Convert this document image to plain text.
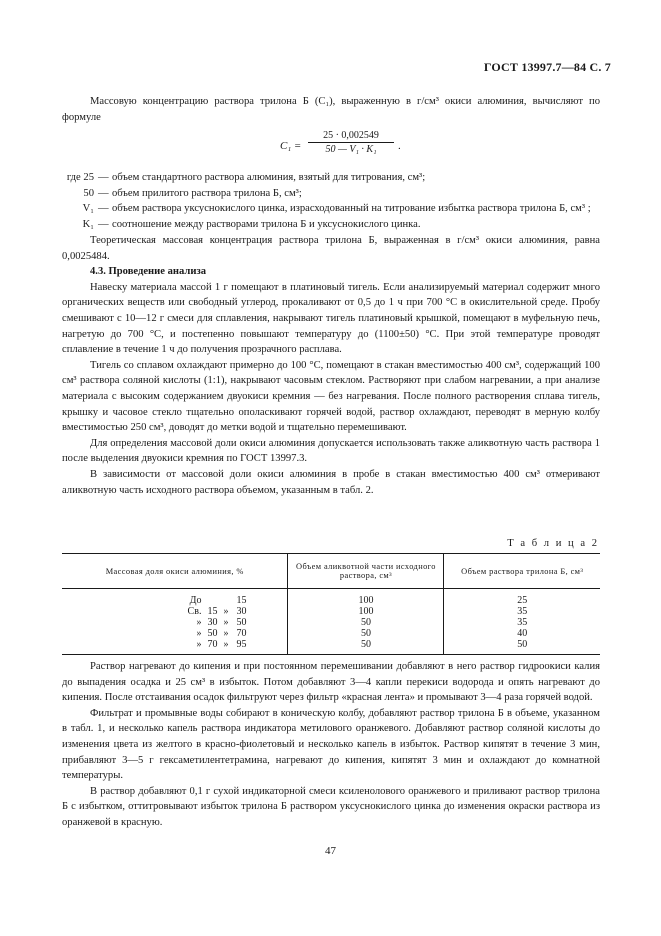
ГОСТ 13997.7—84 С. 7

Массовую концентрацию раствора трилона Б (C₁), выраженную в г/см³ окиси алюминия, вычисляют по формуле

$C_1 = \frac{25 \cdot 0,002549}{\text{50 — V₁ · K₁}}$ .
где 25 — объем стандартного раствора алюминия, взятый для титрования, см³;
50 — объем прилитого раствора трилона Б, см³;
V₁ — объем раствора уксуснокислого цинка, израсходованный на титрование избытка раствора трилона Б, см³ ;
K₁ — соотношение между растворами трилона Б и уксуснокислого цинка.

Теоретическая массовая концентрация раствора трилона Б, выраженная в г/см³ окиси алюминия, равна 0,0025484.

4.3. Проведение анализа

Навеску материала массой 1 г помещают в платиновый тигель. Если анализируемый материал содержит много органических веществ или свободный углерод, прокаливают от 0,5 до 1 ч при 700 °С в окислительной среде. Пробу смешивают с 10—12 г смеси для сплавления, накрывают тигель платиновый крышкой, помещают в муфельную печь, нагретую до 700 °С, и постепенно повышают температуру до (1100±50) °С. При этой температуре проводят сплавление в течение 1 ч до получения прозрачного расплава.

Тигель со сплавом охлаждают примерно до 100 °С, помещают в стакан вместимостью 400 см³, содержащий 100 см³ раствора соляной кислоты (1:1), накрывают часовым стеклом. Растворяют при слабом нагревании, а при анализе материала с высоким содержанием двуокиси кремния — без нагревания. После полного растворения сплава тигель, крышку и часовое стекло тщательно ополаскивают горячей водой, раствор охлаждают, переводят в мерную колбу вместимостью 250 см³, доводят до метки водой и тщательно перемешивают.

Для определения массовой доли окиси алюминия допускается использовать также аликвотную часть раствора 1 после выделения двуокиси кремния по ГОСТ 13997.3.

В зависимости от массовой доли окиси алюминия в пробе в стакан вместимостью 400 см³ отмеривают аликвотную часть исходного раствора объемом, указанным в табл. 2.

Т а б л и ц а 2
Массовая доля окиси алюминия, %	Объем аликвотной части исходного раствора, см³	Объем раствора трилона Б, см³

До 15	100	25

Св. 15 » 30	100	35

» 30 » 50	50	35

» 50 » 70	50	40

» 70 » 95	50	50

Раствор нагревают до кипения и при постоянном перемешивании добавляют в него раствор гидроокиси калия до выпадения осадка и 25 см³ в избыток. Потом добавляют 3—4 капли перекиси водорода и опять нагревают до кипения. После отстаивания осадок фильтруют через фильтр «красная лента» и промывают 3—4 раза горячей водой.

Фильтрат и промывные воды собирают в коническую колбу, добавляют раствор трилона Б в объеме, указанном в табл. 1, и несколько капель раствора индикатора метилового оранжевого. Добавляют раствор соляной кислоты до изменения цвета из желтого в красно-фиолетовый и несколько капель в избыток. Раствор кипятят в течение 3 мин, прибавляют 3—5 г гексаметилентетрамина, нагревают до кипения, кипятят 3 мин и охлаждают до комнатной температуры.

В раствор добавляют 0,1 г сухой индикаторной смеси ксиленолового оранжевого и приливают раствор трилона Б с избытком, оттитровывают избыток трилона Б раствором уксуснокислого цинка до изменения окраски раствора из оранжевой в красную.

47
